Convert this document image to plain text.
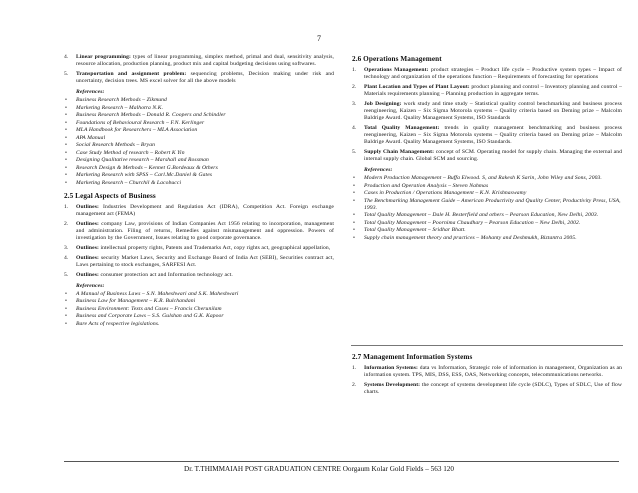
7
4. Linear programming: types of linear programming, simplex method, primal and dual, sensitivity analysis, resource allocation, production planning, product mix and capital budgeting decisions using softwares.
5. Transportation and assignment problem: sequencing problems, Decision making under risk and uncertainty, decision trees. MS excel solver for all the above models
References:
• Business Research Methods – Zikmund
• Marketing Research – Malhotra N.K.
• Business Research Methods – Donald R. Coopers and Schindler
• Foundations of Behavioural Research – F.N. Kerlinger
• MLA Handbook for Researchers – MLA Association
• APA Manual
• Social Research Methods – Bryan
• Case Study Method of research – Robert K Yin
• Designing Qualitative research – Marshall and Rossman
• Research Design & Methods – Kennet G.Bordeaux & Others
• Marketing Research with SPSS – Carl.Mc.Daniel & Gates
• Marketing Research – Churchil & Lacobucci
2.5 Legal Aspects of Business
1. Outlines: Industries Development and Regulation Act (IDRA), Competition Act. Foreign exchange management act (FEMA)
2. Outlines: company Law, provisions of Indian Companies Act 1956 relating to incorporation, management and administration. Filing of returns, Remedies against mismanagement and oppression. Powers of investigation by the Government, Issues relating to good corporate governance.
3. Outlines: intellectual property rights, Patents and Trademarks Act, copy rights act, geographical appellation,
4. Outlines: security Market Laws, Security and Exchange Board of India Act (SEBI), Securities contract act, Laws pertaining to stock exchanges, SARFESI Act.
5. Outlines: consumer protection act and Information technology act.
References:
• A Manual of Business Laws – S.N. Maheshwari and S.K. Maheshwari
• Business Law for Management – K.R. Bulchandani
• Business Environment: Texts and Cases – Francis Cherunilam
• Business and Corporate Laws – S.S. Gulshan and G.K. Kapoor
• Bare Acts of respective legislations.
2.6 Operations Management
1. Operations Management: product strategies – Product life cycle – Productive system types – Impact of technology and organization of the operations function – Requirements of forecasting for operations
2. Plant Location and Types of Plant Layout: product planning and control – Inventory planning and control – Materials requirements planning – Planning production in aggregate terms.
3. Job Designing: work study and time study – Statistical quality control benchmarking and business process reengineering, Kaizen – Six Sigma Motorola systems – Quality criteria based on Deming prize – Malcolm Baldrige Award. Quality Management Systems, ISO Standards
4. Total Quality Management: trends in quality management benchmarking and business process reengineering, Kaizen – Six Sigma Motorola systems – Quality criteria based on Deming prize – Malcolm Baldrige Award. Quality Management Systems, ISO Standards.
5. Supply Chain Management: concept of SCM. Operating model for supply chain. Managing the external and internal supply chain. Global SCM and sourcing.
References:
• Modern Production Management – Buffa Elwood. S, and Rakesh K Sarin, John Wiley and Sons, 2003.
• Production and Operation Analysis – Steven Nahmas
• Cases in Production / Operations Management – K.N. Krishnaswamy
• The Benchmarking Management Guide – American Productivity and Quality Center, Productivity Press, USA, 1993.
• Total Quality Management – Dale H. Besterfield and others – Pearson Education, New Delhi, 2003.
• Total Quality Management – Poornima Chaudhary – Pearson Education – New Delhi, 2002.
• Total Quality Management – Sridhar Bhatt.
• Supply chain management theory and practices – Mohanty and Deshmukh, Biztantra 2005.
2.7 Management Information Systems
1. Information Systems: data vs Information, Strategic role of information in management, Organization as an information system. TPS, MIS, DSS, ESS, OAS, Networking concepts, telecommunications networks.
2. Systems Development: the concept of systems development life cycle (SDLC), Types of SDLC, Use of flow charts.
Dr. T.THIMMAIAH POST GRADUATION CENTRE Oorgaum Kolar Gold Fields – 563 120
